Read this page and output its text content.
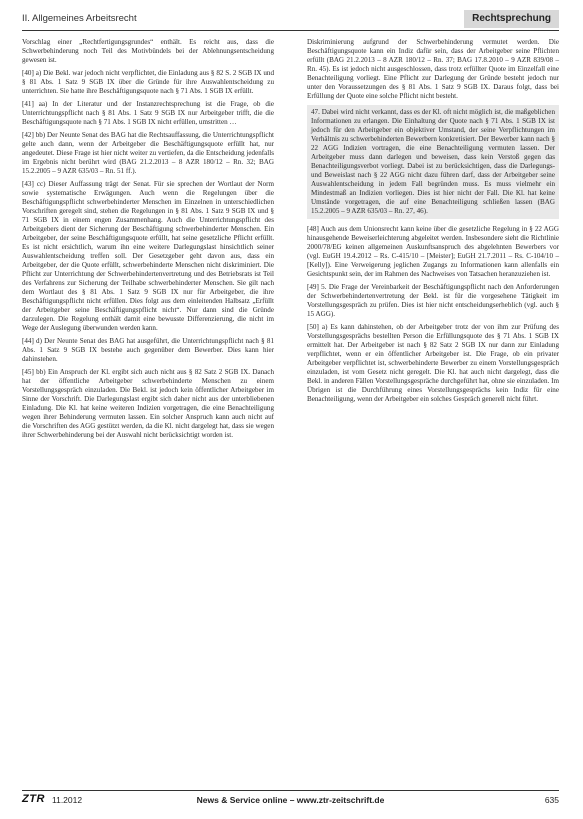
II. Allgemeines Arbeitsrecht	Rechtsprechung

Vorschlag einer „Rechtfertigungsgrundes“ enthält. Es reicht aus, dass die Schwerbehinderung noch Teil des Motivbündels bei der Ablehnungsentscheidung gewesen ist.

[40] a) Die Bekl. war jedoch nicht verpflichtet, die Einladung aus § 82 S. 2 SGB IX und § 81 Abs. 1 Satz 9 SGB IX über die Gründe für ihre Auswahlentscheidung zu unterrichten. Sie hatte ihre Beschäftigungsquote nach § 71 Abs. 1 SGB IX erfüllt.

[41] aa) In der Literatur und der Instanzrechtsprechung ist die Frage, ob die Unterrichtungspflicht nach § 81 Abs. 1 Satz 9 SGB IX nur Arbeitgeber trifft, die die Beschäftigungsquote nach § 71 Abs. 1 SGB IX nicht erfüllen, umstritten …

[42] bb) Der Neunte Senat des BAG hat die Rechtsauffassung, die Unterrichtungspflicht gelte auch dann, wenn der Arbeitgeber die Beschäftigungsquote erfüllt hat, nur angedeutet. Diese Frage ist hier nicht weiter zu vertiefen, da die Entscheidung jedenfalls im Ergebnis nicht berührt wird (BAG 21.2.2013 – 8 AZR 180/12 – Rn. 32; BAG 15.2.2005 – 9 AZR 635/03 – Rn. 51 ff.).

[43] cc) Dieser Auffassung trägt der Senat. Für sie sprechen der Wortlaut der Norm sowie systematische Erwägungen. Auch wenn die Regelungen über die Beschäftigungspflicht schwerbehinderter Menschen im Einzelnen in unterschiedlichen Vorschriften geregelt sind, stehen die Regelungen in § 81 Abs. 1 Satz 9 SGB IX und § 71 SGB IX in einem engen Zusammenhang. Auch die Unterrichtungspflicht des Arbeitgebers dient der Sicherung der Beschäftigung schwerbehinderter Menschen. Ein Arbeitgeber, der seine Beschäftigungsquote erfüllt, hat seine gesetzliche Pflicht erfüllt. Es ist nicht ersichtlich, warum ihn eine weitere Darlegungslast hinsichtlich seiner Auswahlentscheidung treffen soll. Der Gesetzgeber geht davon aus, dass ein Arbeitgeber, der die Quote erfüllt, schwerbehinderte Menschen nicht diskriminiert. Die Pflicht zur Unterrichtung der Schwerbehindertenvertretung und des Betriebsrats ist Teil des Verfahrens zur Sicherung der Teilhabe schwerbehinderter Menschen. Sie gilt nach dem Wortlaut des § 81 Abs. 1 Satz 9 SGB IX nur für Arbeitgeber, die ihre Beschäftigungspflicht nicht erfüllen. Dies folgt aus dem einleitenden Halbsatz „Erfüllt der Arbeitgeber seine Beschäftigungspflicht nicht“. Nur dann sind die Gründe darzulegen. Die Regelung enthält damit eine bewusste Differenzierung, die nicht im Wege der Auslegung überwunden werden kann.

[44] d) Der Neunte Senat des BAG hat ausgeführt, die Unterrichtungspflicht nach § 81 Abs. 1 Satz 9 SGB IX bestehe auch gegenüber dem Bewerber. Dies kann hier dahinstehen.

[45] bb) Ein Anspruch der Kl. ergibt sich auch nicht aus § 82 Satz 2 SGB IX. Danach hat der öffentliche Arbeitgeber schwerbehinderte Menschen zu einem Vorstellungsgespräch einzuladen. Die Bekl. ist jedoch kein öffentlicher Arbeitgeber im Sinne der Vorschrift. Die Darlegungslast ergibt sich daher nicht aus der unterbliebenen Einladung. Die Kl. hat keine weiteren Indizien vorgetragen, die eine Benachteiligung wegen ihrer Behinderung vermuten lassen. Ein solcher Anspruch kann auch nicht auf die Vorschriften des AGG gestützt werden, da die Kl. nicht dargelegt hat, dass sie wegen ihrer Schwerbehinderung bei der Auswahl nicht berücksichtigt worden ist.

Diskriminierung aufgrund der Schwerbehinderung vermutet werden. Die Beschäftigungsquote kann ein Indiz dafür sein, dass der Arbeitgeber seine Pflichten erfüllt (BAG 21.2.2013 – 8 AZR 180/12 – Rn. 37; BAG 17.8.2010 – 9 AZR 839/08 – Rn. 45). Es ist jedoch nicht ausgeschlossen, dass trotz erfüllter Quote im Einzelfall eine Benachteiligung vorliegt. Eine Pflicht zur Darlegung der Gründe besteht jedoch nur unter den Voraussetzungen des § 81 Abs. 1 Satz 9 SGB IX. Daraus folgt, dass bei Erfüllung der Quote eine solche Pflicht nicht besteht.

47. Dabei wird nicht verkannt, dass es der Kl. oft nicht möglich ist, die maßgeblichen Informationen zu erlangen. Die Einhaltung der Quote nach § 71 Abs. 1 SGB IX ist jedoch für den Arbeitgeber ein objektiver Umstand, der seine Verpflichtungen im Verhältnis zu schwerbehinderten Bewerbern konkretisiert. Der Bewerber kann nach § 22 AGG Indizien vortragen, die eine Benachteiligung vermuten lassen. Der Arbeitgeber muss dann darlegen und beweisen, dass kein Verstoß gegen das Benachteiligungsverbot vorliegt. Dabei ist zu berücksichtigen, dass die Darlegungs- und Beweislast nach § 22 AGG nicht dazu führen darf, dass der Arbeitgeber seine Auswahlentscheidung in jedem Fall begründen muss. Es muss vielmehr ein Mindestmaß an Indizien vorliegen. Dies ist hier nicht der Fall. Die Kl. hat keine Umstände vorgetragen, die auf eine Benachteiligung schließen lassen (BAG 15.2.2005 – 9 AZR 635/03 – Rn. 27, 46).

[48] Auch aus dem Unionsrecht kann keine über die gesetzliche Regelung in § 22 AGG hinausgehende Beweiserleichterung abgeleitet werden. Insbesondere sieht die Richtlinie 2000/78/EG keinen allgemeinen Auskunftsanspruch des abgelehnten Bewerbers vor (vgl. EuGH 19.4.2012 – Rs. C-415/10 – [Meister]; EuGH 21.7.2011 – Rs. C-104/10 – [Kelly]). Eine Verweigerung jeglichen Zugangs zu Informationen kann allenfalls ein Gesichtspunkt sein, der im Rahmen des Nachweises von Tatsachen heranzuziehen ist.

[49] 5. Die Frage der Vereinbarkeit der Beschäftigungspflicht nach den Anforderungen der Schwerbehindertenvertretung der Bekl. ist für die vorgesehene Tätigkeit im Vorstellungsgespräch zu prüfen. Dies ist hier nicht entscheidungserheblich (vgl. auch § 15 AGG).

[50] a) Es kann dahinstehen, ob der Arbeitgeber trotz der von ihm zur Prüfung des Vorstellungsgesprächs bestellten Person die Erfüllungsquote des § 71 Abs. 1 SGB IX ermittelt hat. Der Arbeitgeber ist nach § 82 Satz 2 SGB IX nur dann zur Einladung verpflichtet, wenn er ein öffentlicher Arbeitgeber ist. Die Frage, ob ein privater Arbeitgeber verpflichtet ist, schwerbehinderte Bewerber zu einem Vorstellungsgespräch einzuladen, ist vom Gesetz nicht geregelt. Die Kl. hat auch nicht dargelegt, dass die Bekl. in anderen Fällen Vorstellungsgespräche durchgeführt hat, ohne sie einzuladen. Im Übrigen ist die Durchführung eines Vorstellungsgesprächs kein Indiz für eine Benachteiligung, wenn der Arbeitgeber ein solches Gespräch generell nicht führt.

ZTR 11.2012	News & Service online – www.ztr-zeitschrift.de	635
